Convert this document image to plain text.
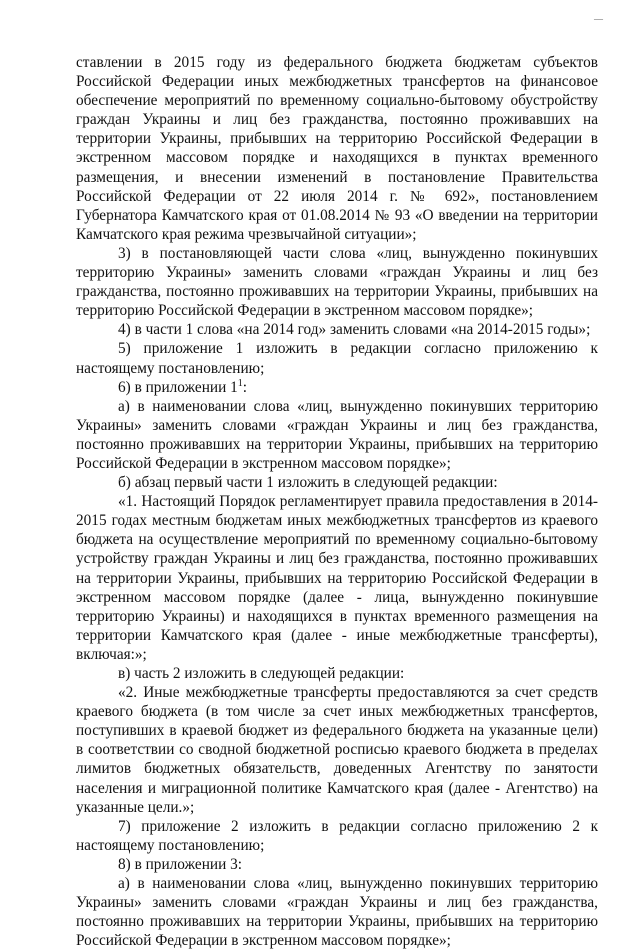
—

ставлении в 2015 году из федерального бюджета бюджетам субъектов Российской Федерации иных межбюджетных трансфертов на финансовое обеспечение мероприятий по временному социально-бытовому обустройству граждан Украины и лиц без гражданства, постоянно проживавших на территории Украины, прибывших на территорию Российской Федерации в экстренном массовом порядке и находящихся в пунктах временного размещения, и внесении изменений в постановление Правительства Российской Федерации от 22 июля 2014 г. № 692», постановлением Губернатора Камчатского края от 01.08.2014 № 93 «О введении на территории Камчатского края режима чрезвычайной ситуации»;

3) в постановляющей части слова «лиц, вынужденно покинувших территорию Украины» заменить словами «граждан Украины и лиц без гражданства, постоянно проживавших на территории Украины, прибывших на территорию Российской Федерации в экстренном массовом порядке»;

4) в части 1 слова «на 2014 год» заменить словами «на 2014-2015 годы»;

5) приложение 1 изложить в редакции согласно приложению к настоящему постановлению;

6) в приложении $1^1$:

а) в наименовании слова «лиц, вынужденно покинувших территорию Украины» заменить словами «граждан Украины и лиц без гражданства, постоянно проживавших на территории Украины, прибывших на территорию Российской Федерации в экстренном массовом порядке»;

б) абзац первый части 1 изложить в следующей редакции:

«1. Настоящий Порядок регламентирует правила предоставления в 2014-2015 годах местным бюджетам иных межбюджетных трансфертов из краевого бюджета на осуществление мероприятий по временному социально-бытовому устройству граждан Украины и лиц без гражданства, постоянно проживавших на территории Украины, прибывших на территорию Российской Федерации в экстренном массовом порядке (далее - лица, вынужденно покинувшие территорию Украины) и находящихся в пунктах временного размещения на территории Камчатского края (далее - иные межбюджетные трансферты), включая:»;

в) часть 2 изложить в следующей редакции:

«2. Иные межбюджетные трансферты предоставляются за счет средств краевого бюджета (в том числе за счет иных межбюджетных трансфертов, поступивших в краевой бюджет из федерального бюджета на указанные цели) в соответствии со сводной бюджетной росписью краевого бюджета в пределах лимитов бюджетных обязательств, доведенных Агентству по занятости населения и миграционной политике Камчатского края (далее - Агентство) на указанные цели.»;

7) приложение 2 изложить в редакции согласно приложению 2 к настоящему постановлению;

8) в приложении 3:

а) в наименовании слова «лиц, вынужденно покинувших территорию Украины» заменить словами «граждан Украины и лиц без гражданства, постоянно проживавших на территории Украины, прибывших на территорию Российской Федерации в экстренном массовом порядке»;
